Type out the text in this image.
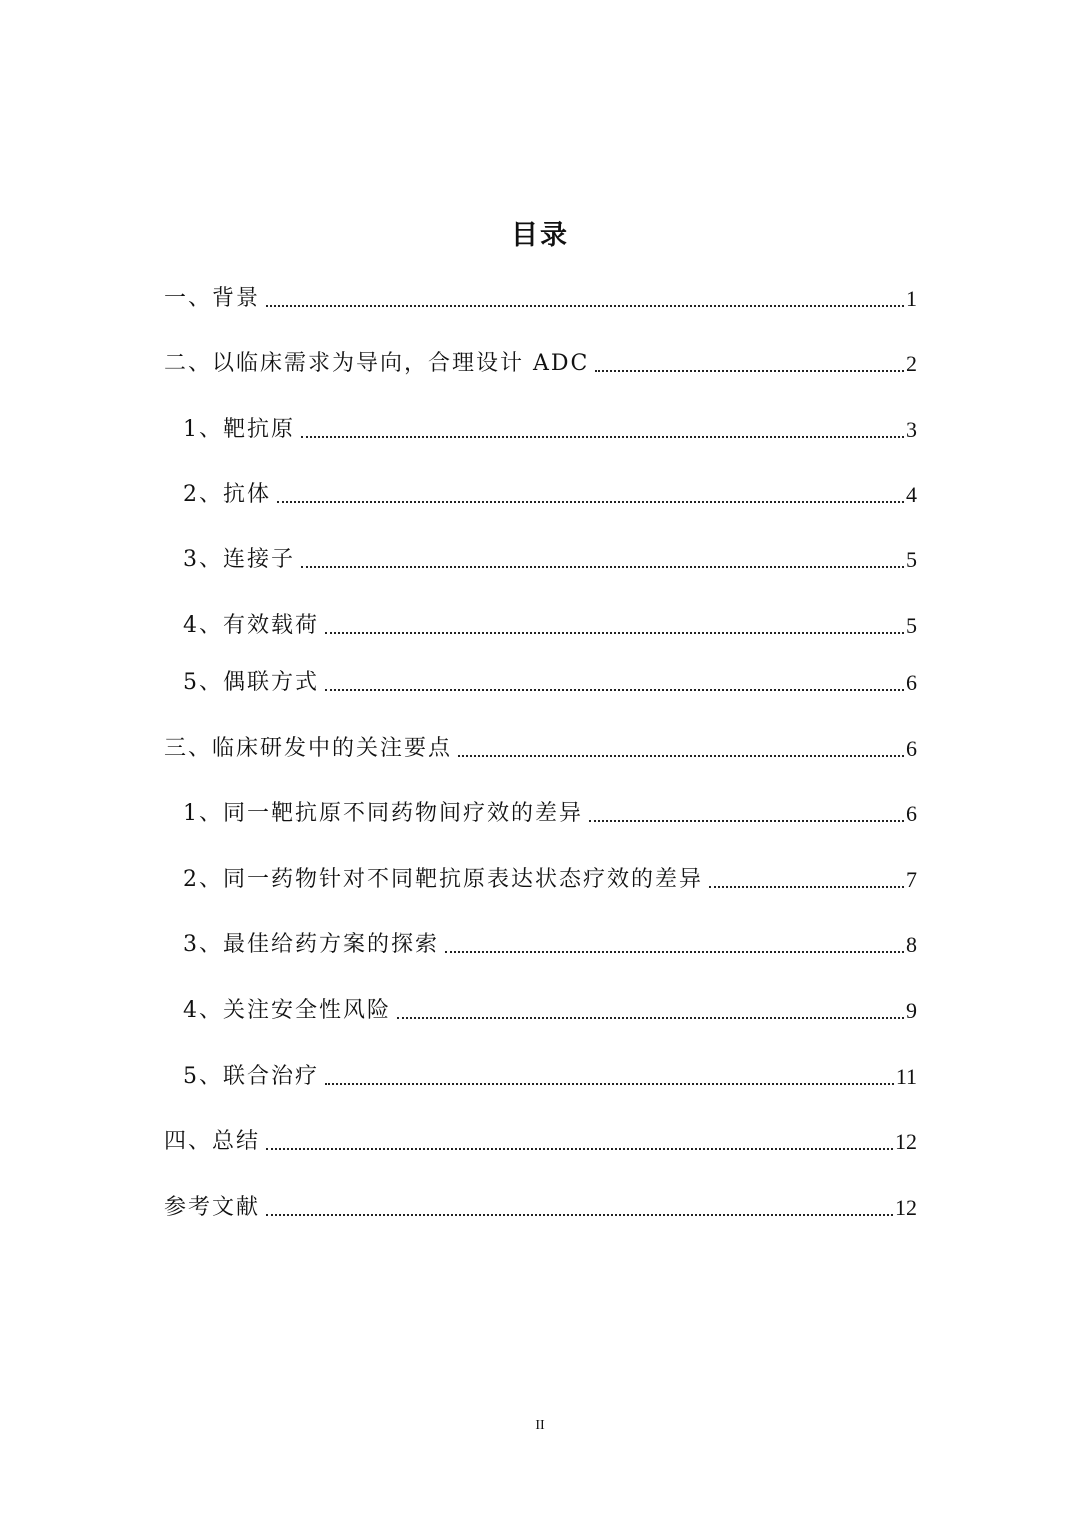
目录
一、背景	1
二、以临床需求为导向，合理设计 ADC	2
1、靶抗原	3
2、抗体	4
3、连接子	5
4、有效载荷	5
5、偶联方式	6
三、临床研发中的关注要点	6
1、同一靶抗原不同药物间疗效的差异	6
2、同一药物针对不同靶抗原表达状态疗效的差异	7
3、最佳给药方案的探索	8
4、关注安全性风险	9
5、联合治疗	11
四、总结	12
参考文献	12
II
